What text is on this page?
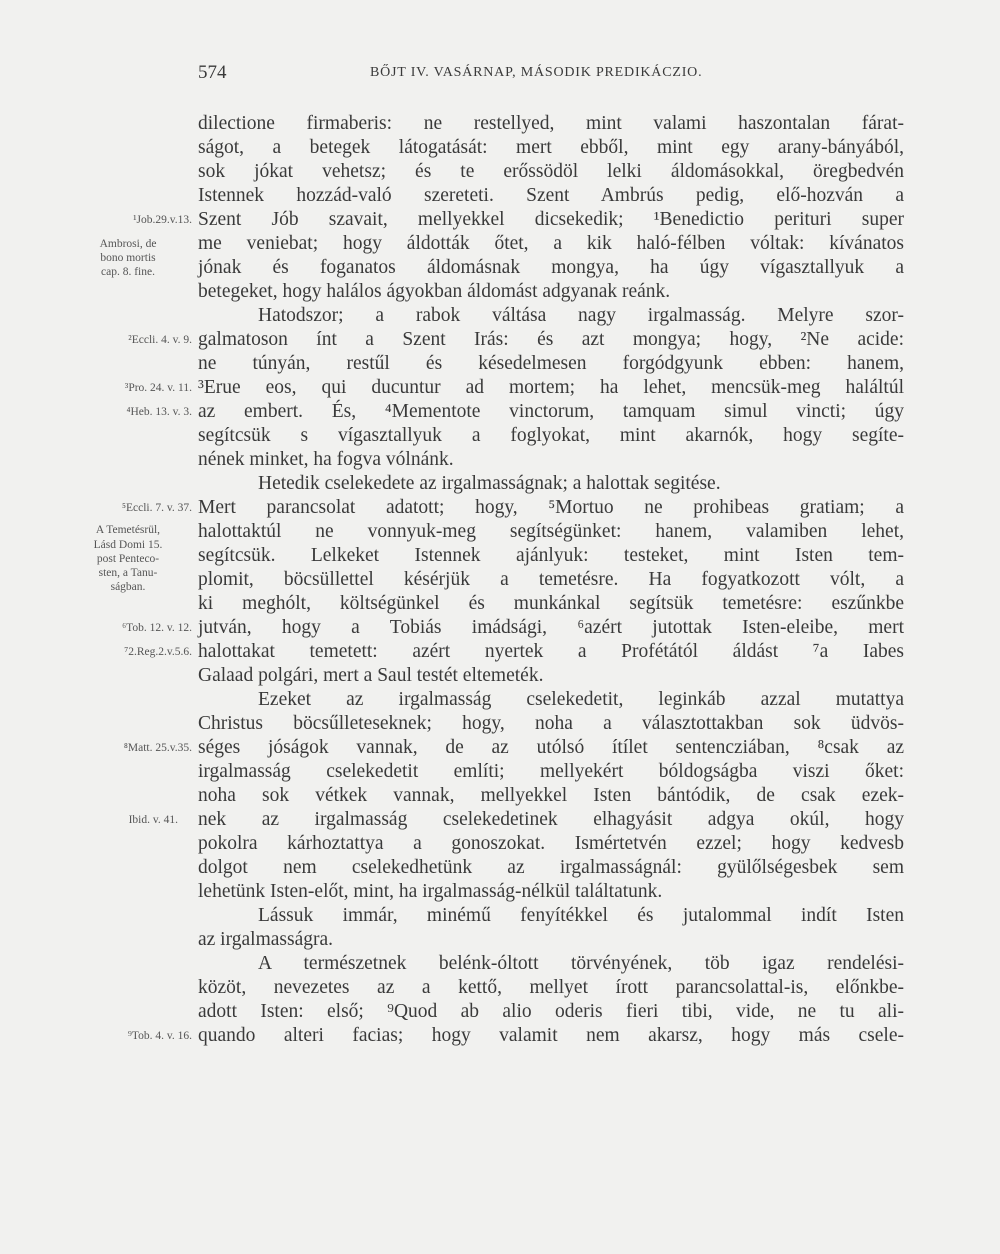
574	BŐJT IV. VASÁRNAP, MÁSODIK PREDIKÁCZIO.
dilectione firmaberis: ne restellyed, mint valami haszontalan fárat-
ságot, a betegek látogatását: mert ebből, mint egy arany-bányából,
sok jókat vehetsz; és te erőssödöl lelki áldomásokkal, öregbedvén
Istennek hozzád-való szereteti. Szent Ambrús pedig, elő-hozván a
Szent Jób szavait, mellyekkel dicsekedik; ¹Benedictio perituri super
me veniebat; hogy áldották őtet, a kik haló-félben vóltak: kívánatos
jónak és foganatos áldomásnak mongya, ha úgy vígasztallyuk a
betegeket, hogy halálos ágyokban áldomást adgyanak reánk.
Hatodszor; a rabok váltása nagy irgalmasság. Melyre szor-
galmatoson ínt a Szent Irás: és azt mongya; hogy, ²Ne acide:
ne túnyán, restűl és késedelmesen forgódgyunk ebben: hanem,
³Erue eos, qui ducuntur ad mortem; ha lehet, mencsük-meg haláltúl
az embert. És, ⁴Mementote vinctorum, tamquam simul vincti; úgy
segítcsük s vígasztallyuk a foglyokat, mint akarnók, hogy segíte-
nének minket, ha fogva vólnánk.
Hetedik cselekedete az irgalmasságnak; a halottak segitése.
Mert parancsolat adatott; hogy, ⁵Mortuo ne prohibeas gratiam; a
halottaktúl ne vonnyuk-meg segítségünket: hanem, valamiben lehet,
segítcsük. Lelkeket Istennek ajánlyuk: testeket, mint Isten tem-
plomit, böcsüllettel késérjük a temetésre. Ha fogyatkozott vólt, a
ki meghólt, költségünkel és munkánkal segítsük temetésre: eszűnkbe
jutván, hogy a Tobiás imádsági, ⁶azért jutottak Isten-eleibe, mert
halottakat temetett: azért nyertek a Profétától áldást ⁷a Iabes
Galaad polgári, mert a Saul testét eltemeték.
Ezeket az irgalmasság cselekedetit, leginkáb azzal mutattya
Christus böcsűlleteseknek; hogy, noha a választottakban sok üdvös-
séges jóságok vannak, de az utólsó ítílet sentencziában, ⁸csak az
irgalmasság cselekedetit említi; mellyekért bóldogságba viszi őket:
noha sok vétkek vannak, mellyekkel Isten bántódik, de csak ezek-
nek az irgalmasság cselekedetinek elhagyásit adgya okúl, hogy
pokolra kárhoztattya a gonoszokat. Ismértetvén ezzel; hogy kedvesb
dolgot nem cselekedhetünk az irgalmasságnál: gyülőlségesbek sem
lehetünk Isten-előt, mint, ha irgalmasság-nélkül találtatunk.
Lássuk immár, minémű fenyítékkel és jutalommal indít Isten
az irgalmasságra.
A természetnek belénk-óltott törvényének, töb igaz rendelési-
közöt, nevezetes az a kettő, mellyet írott parancsolattal-is, előnkbe-
adott Isten: első; ⁹Quod ab alio oderis fieri tibi, vide, ne tu ali-
quando alteri facias; hogy valamit nem akarsz, hogy más csele-
¹Job.29.v.13.
Ambrosi, de
bono mortis
cap. 8. fine.
²Eccli. 4. v. 9.
³Pro. 24. v. 11.
⁴Heb. 13. v. 3.
⁵Eccli. 7. v. 37.
A Temetésrül,
Lásd Domi 15.
post Penteco-
sten, a Tanu-
ságban.
⁶Tob. 12. v. 12.
⁷2.Reg.2.v.5.6.
⁸Matt. 25.v.35.
Ibid. v. 41.
⁹Tob. 4. v. 16.
